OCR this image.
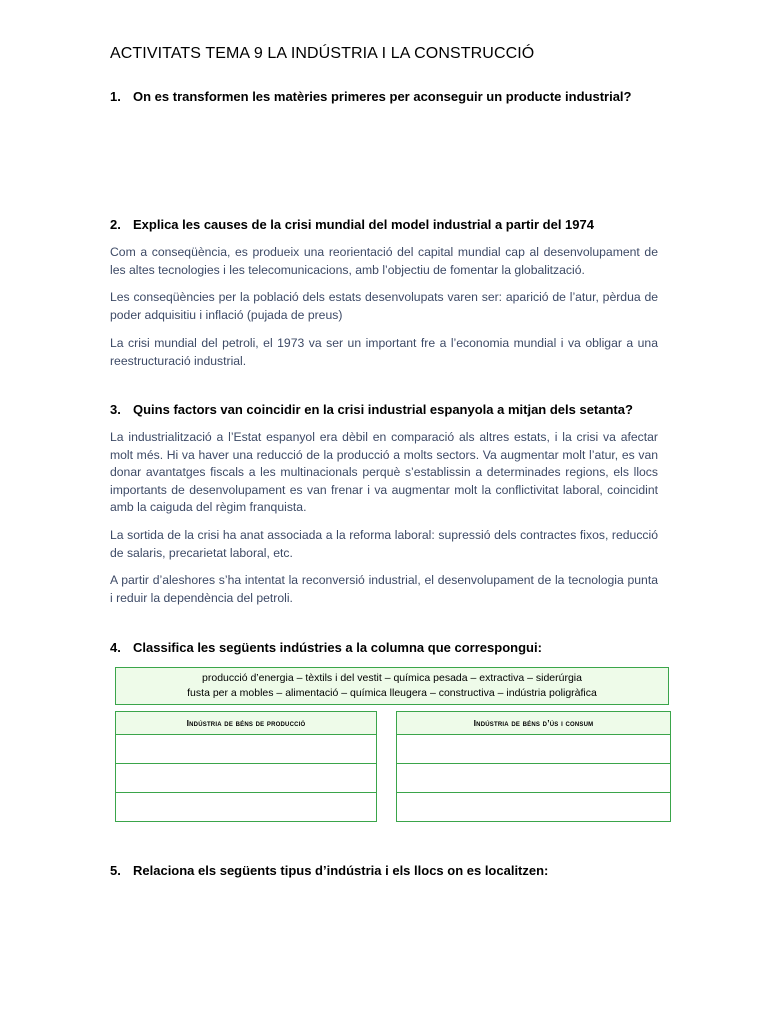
ACTIVITATS TEMA 9 LA INDÚSTRIA I LA CONSTRUCCIÓ
1. On es transformen les matèries primeres per aconseguir un producte industrial?
2. Explica les causes de la crisi mundial del model industrial a partir del 1974

Com a conseqüència, es produeix una reorientació del capital mundial cap al desenvolupament de les altes tecnologies i les telecomunicacions, amb l’objectiu de fomentar la globalització.

Les conseqüències per la població dels estats desenvolupats varen ser: aparició de l’atur, pèrdua de poder adquisitiu i inflació (pujada de preus)

La crisi mundial del petroli, el 1973 va ser un important fre a l’economia mundial i va obligar a una reestructuració industrial.

3. Quins factors van coincidir en la crisi industrial espanyola a mitjan dels setanta?

La industrialització a l’Estat espanyol era dèbil en comparació als altres estats, i la crisi va afectar molt més. Hi va haver una reducció de la producció a molts sectors. Va augmentar molt l’atur, es van donar avantatges fiscals a les multinacionals perquè s’establissin a determinades regions, els llocs importants de desenvolupament es van frenar i va augmentar molt la conflictivitat laboral, coincidint amb la caiguda del règim franquista.

La sortida de la crisi ha anat associada a la reforma laboral: supressió dels contractes fixos, reducció de salaris, precarietat laboral, etc.

A partir d’aleshores s’ha intentat la reconversió industrial, el desenvolupament de la tecnologia punta i reduir la dependència del petroli.

4. Classifica les següents indústries a la columna que correspongui:
producció d’energia – tèxtils i del vestit – química pesada – extractiva – siderúrgia
fusta per a mobles – alimentació – química lleugera – constructiva – indústria poligràfica
Indústria de béns de producció	Indústria de béns d’ús i consum

5. Relaciona els següents tipus d’indústria i els llocs on es localitzen:
